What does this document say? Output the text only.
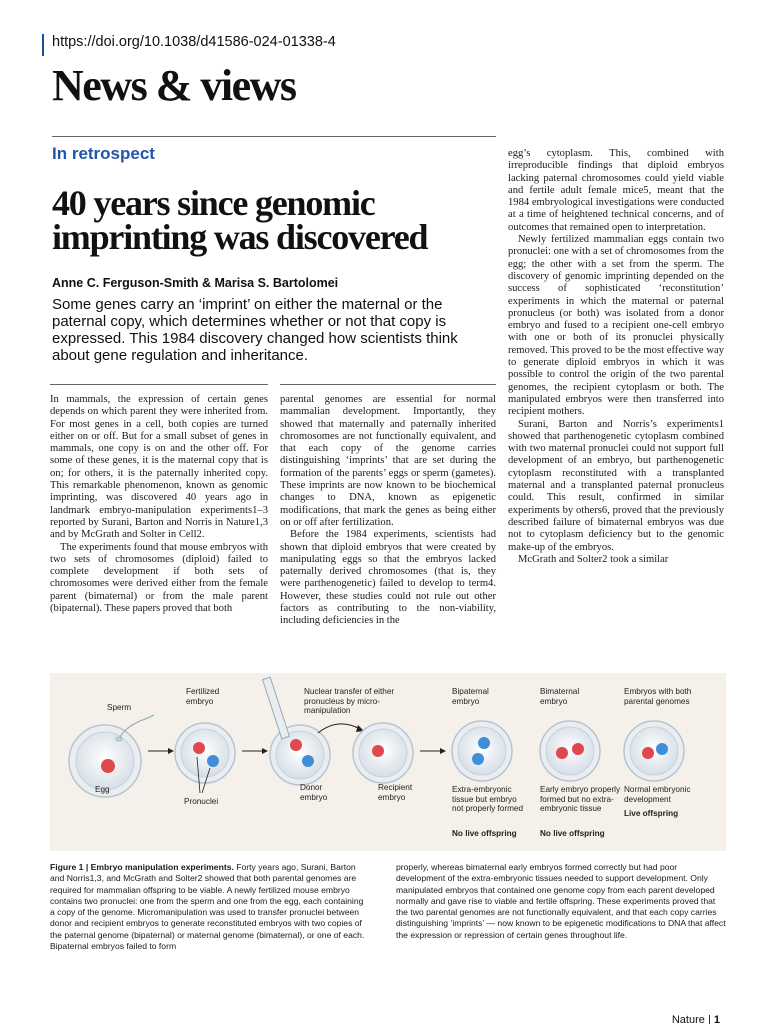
https://doi.org/10.1038/d41586-024-01338-4
News & views
In retrospect
40 years since genomic imprinting was discovered
Anne C. Ferguson-Smith & Marisa S. Bartolomei
Some genes carry an ‘imprint’ on either the maternal or the paternal copy, which determines whether or not that copy is expressed. This 1984 discovery changed how scientists think about gene regulation and inheritance.

In mammals, the expression of certain genes depends on which parent they were inherited from. For most genes in a cell, both copies are turned either on or off. But for a small subset of genes in mammals, one copy is on and the other off. For some of these genes, it is the maternal copy that is on; for others, it is the paternally inherited copy. This remarkable phenomenon, known as genomic imprinting, was discovered 40 years ago in landmark embryo-manipulation experiments1–3 reported by Surani, Barton and Norris in Nature1,3 and by McGrath and Solter in Cell2.

The experiments found that mouse embryos with two sets of chromosomes (diploid) failed to complete development if both sets of chromosomes were derived either from the female parent (bimaternal) or from the male parent (bipaternal). These papers proved that both

parental genomes are essential for normal mammalian development. Importantly, they showed that maternally and paternally inherited chromosomes are not functionally equivalent, and that each copy of the genome carries distinguishing ‘imprints’ that are set during the formation of the parents’ eggs or sperm (gametes). These imprints are now known to be biochemical changes to DNA, known as epigenetic modifications, that mark the genes as being either on or off after fertilization.

Before the 1984 experiments, scientists had shown that diploid embryos that were created by manipulating eggs so that the embryos lacked paternally derived chromosomes (that is, they were parthenogenetic) failed to develop to term4. However, these studies could not rule out other factors as contributing to the non-viability, including deficiencies in the

egg’s cytoplasm. This, combined with irreproducible findings that diploid embryos lacking paternal chromosomes could yield viable and fertile adult female mice5, meant that the 1984 embryological investigations were conducted at a time of heightened technical concerns, and of outcomes that remained open to interpretation.

Newly fertilized mammalian eggs contain two pronuclei: one with a set of chromosomes from the egg; the other with a set from the sperm. The discovery of genomic imprinting depended on the success of sophisticated ‘reconstitution’ experiments in which the maternal or paternal pronucleus (or both) was isolated from a donor embryo and fused to a recipient one-cell embryo with one or both of its pronuclei physically removed. This proved to be the most effective way to generate diploid embryos in which it was possible to control the origin of the two parental genomes, the recipient cytoplasm or both. The manipulated embryos were then transferred into recipient mothers.

Surani, Barton and Norris’s experiments1 showed that parthenogenetic cytoplasm combined with two maternal pronuclei could not support full development of an embryo, but parthenogenetic cytoplasm reconstituted with a transplanted maternal and a transplanted paternal pronucleus could. This result, confirmed in similar experiments by others6, proved that the previously described failure of bimaternal embryos was due not to cytoplasm deficiency but to the genomic make-up of the embryos.

McGrath and Solter2 took a similar

Sperm
Egg
Fertilized embryo
Pronuclei
Nuclear transfer of either pronucleus by micro-manipulation
Donor embryo
Recipient embryo
Bipaternal embryo
Bimaternal embryo
Embryos with both parental genomes
Extra-embryonic tissue but embryo not properly formed
Early embryo properly formed but no extra-embryonic tissue
Normal embryonic development
No live offspring	No live offspring
Live offspring
Figure 1 | Embryo manipulation experiments. Forty years ago, Surani, Barton and Norris1,3, and McGrath and Solter2 showed that both parental genomes are required for mammalian offspring to be viable. A newly fertilized mouse embryo contains two pronuclei: one from the sperm and one from the egg, each containing a copy of the genome. Micromanipulation was used to transfer pronuclei between donor and recipient embryos to generate reconstituted embryos with two copies of the paternal genome (bipaternal) or maternal genome (bimaternal), or one of each. Bipaternal embryos failed to form
properly, whereas bimaternal early embryos formed correctly but had poor development of the extra-embryonic tissues needed to support development. Only manipulated embryos that contained one genome copy from each parent developed normally and gave rise to viable and fertile offspring. These experiments proved that the two parental genomes are not functionally equivalent, and that each copy carries distinguishing ‘imprints’ — now known to be epigenetic modifications to DNA that affect the expression or repression of certain genes throughout life.
Nature | 1
